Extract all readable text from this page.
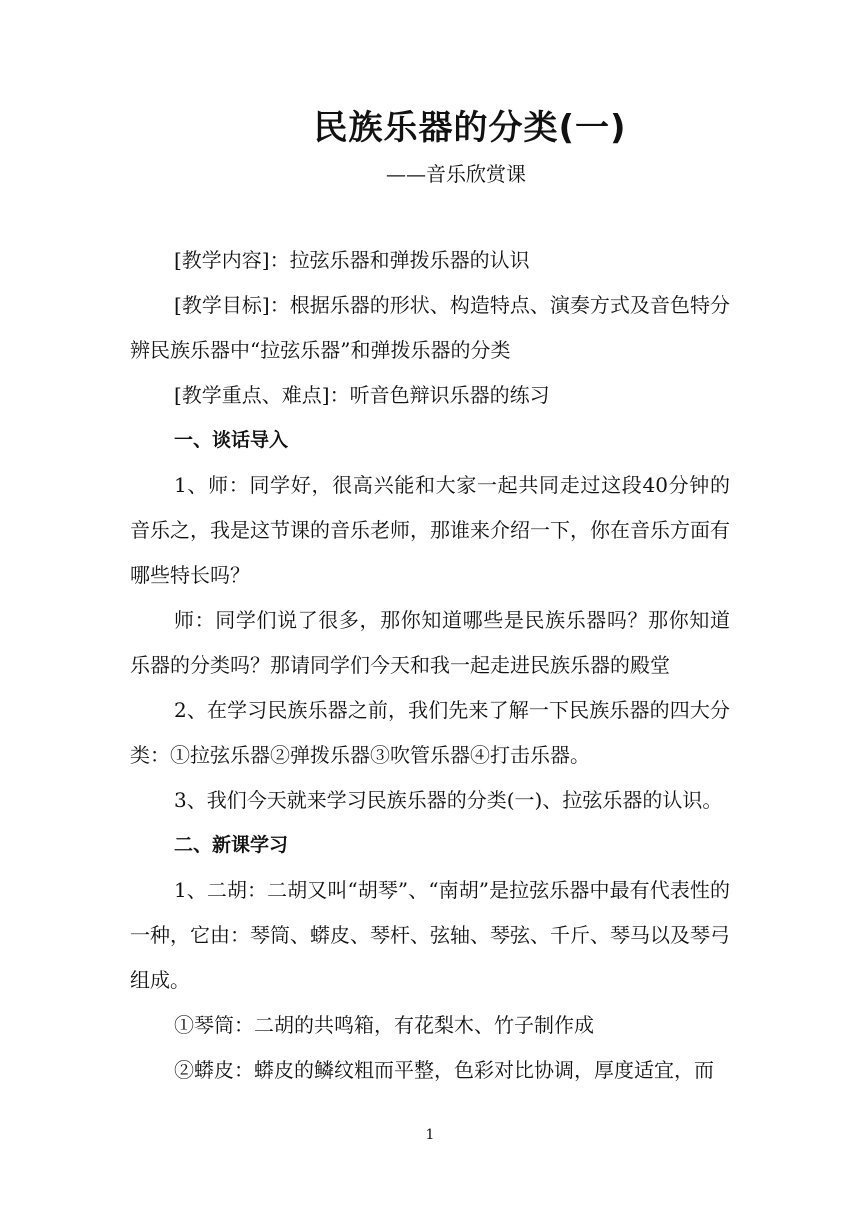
民族乐器的分类(一)
——音乐欣赏课

[教学内容]：拉弦乐器和弹拨乐器的认识

[教学目标]：根据乐器的形状、构造特点、演奏方式及音色特分辨民族乐器中“拉弦乐器”和弹拨乐器的分类

[教学重点、难点]：听音色辩识乐器的练习

一、谈话导入

1、师：同学好，很高兴能和大家一起共同走过这段40分钟的音乐之，我是这节课的音乐老师，那谁来介绍一下，你在音乐方面有哪些特长吗？

师：同学们说了很多，那你知道哪些是民族乐器吗？那你知道乐器的分类吗？那请同学们今天和我一起走进民族乐器的殿堂

2、在学习民族乐器之前，我们先来了解一下民族乐器的四大分类：①拉弦乐器②弹拨乐器③吹管乐器④打击乐器。

3、我们今天就来学习民族乐器的分类(一)、拉弦乐器的认识。

二、新课学习

1、二胡：二胡又叫“胡琴”、“南胡”是拉弦乐器中最有代表性的一种，它由：琴筒、蟒皮、琴杆、弦轴、琴弦、千斤、琴马以及琴弓组成。

①琴筒：二胡的共鸣箱，有花梨木、竹子制作成

②蟒皮：蟒皮的鳞纹粗而平整，色彩对比协调，厚度适宜，而

1
